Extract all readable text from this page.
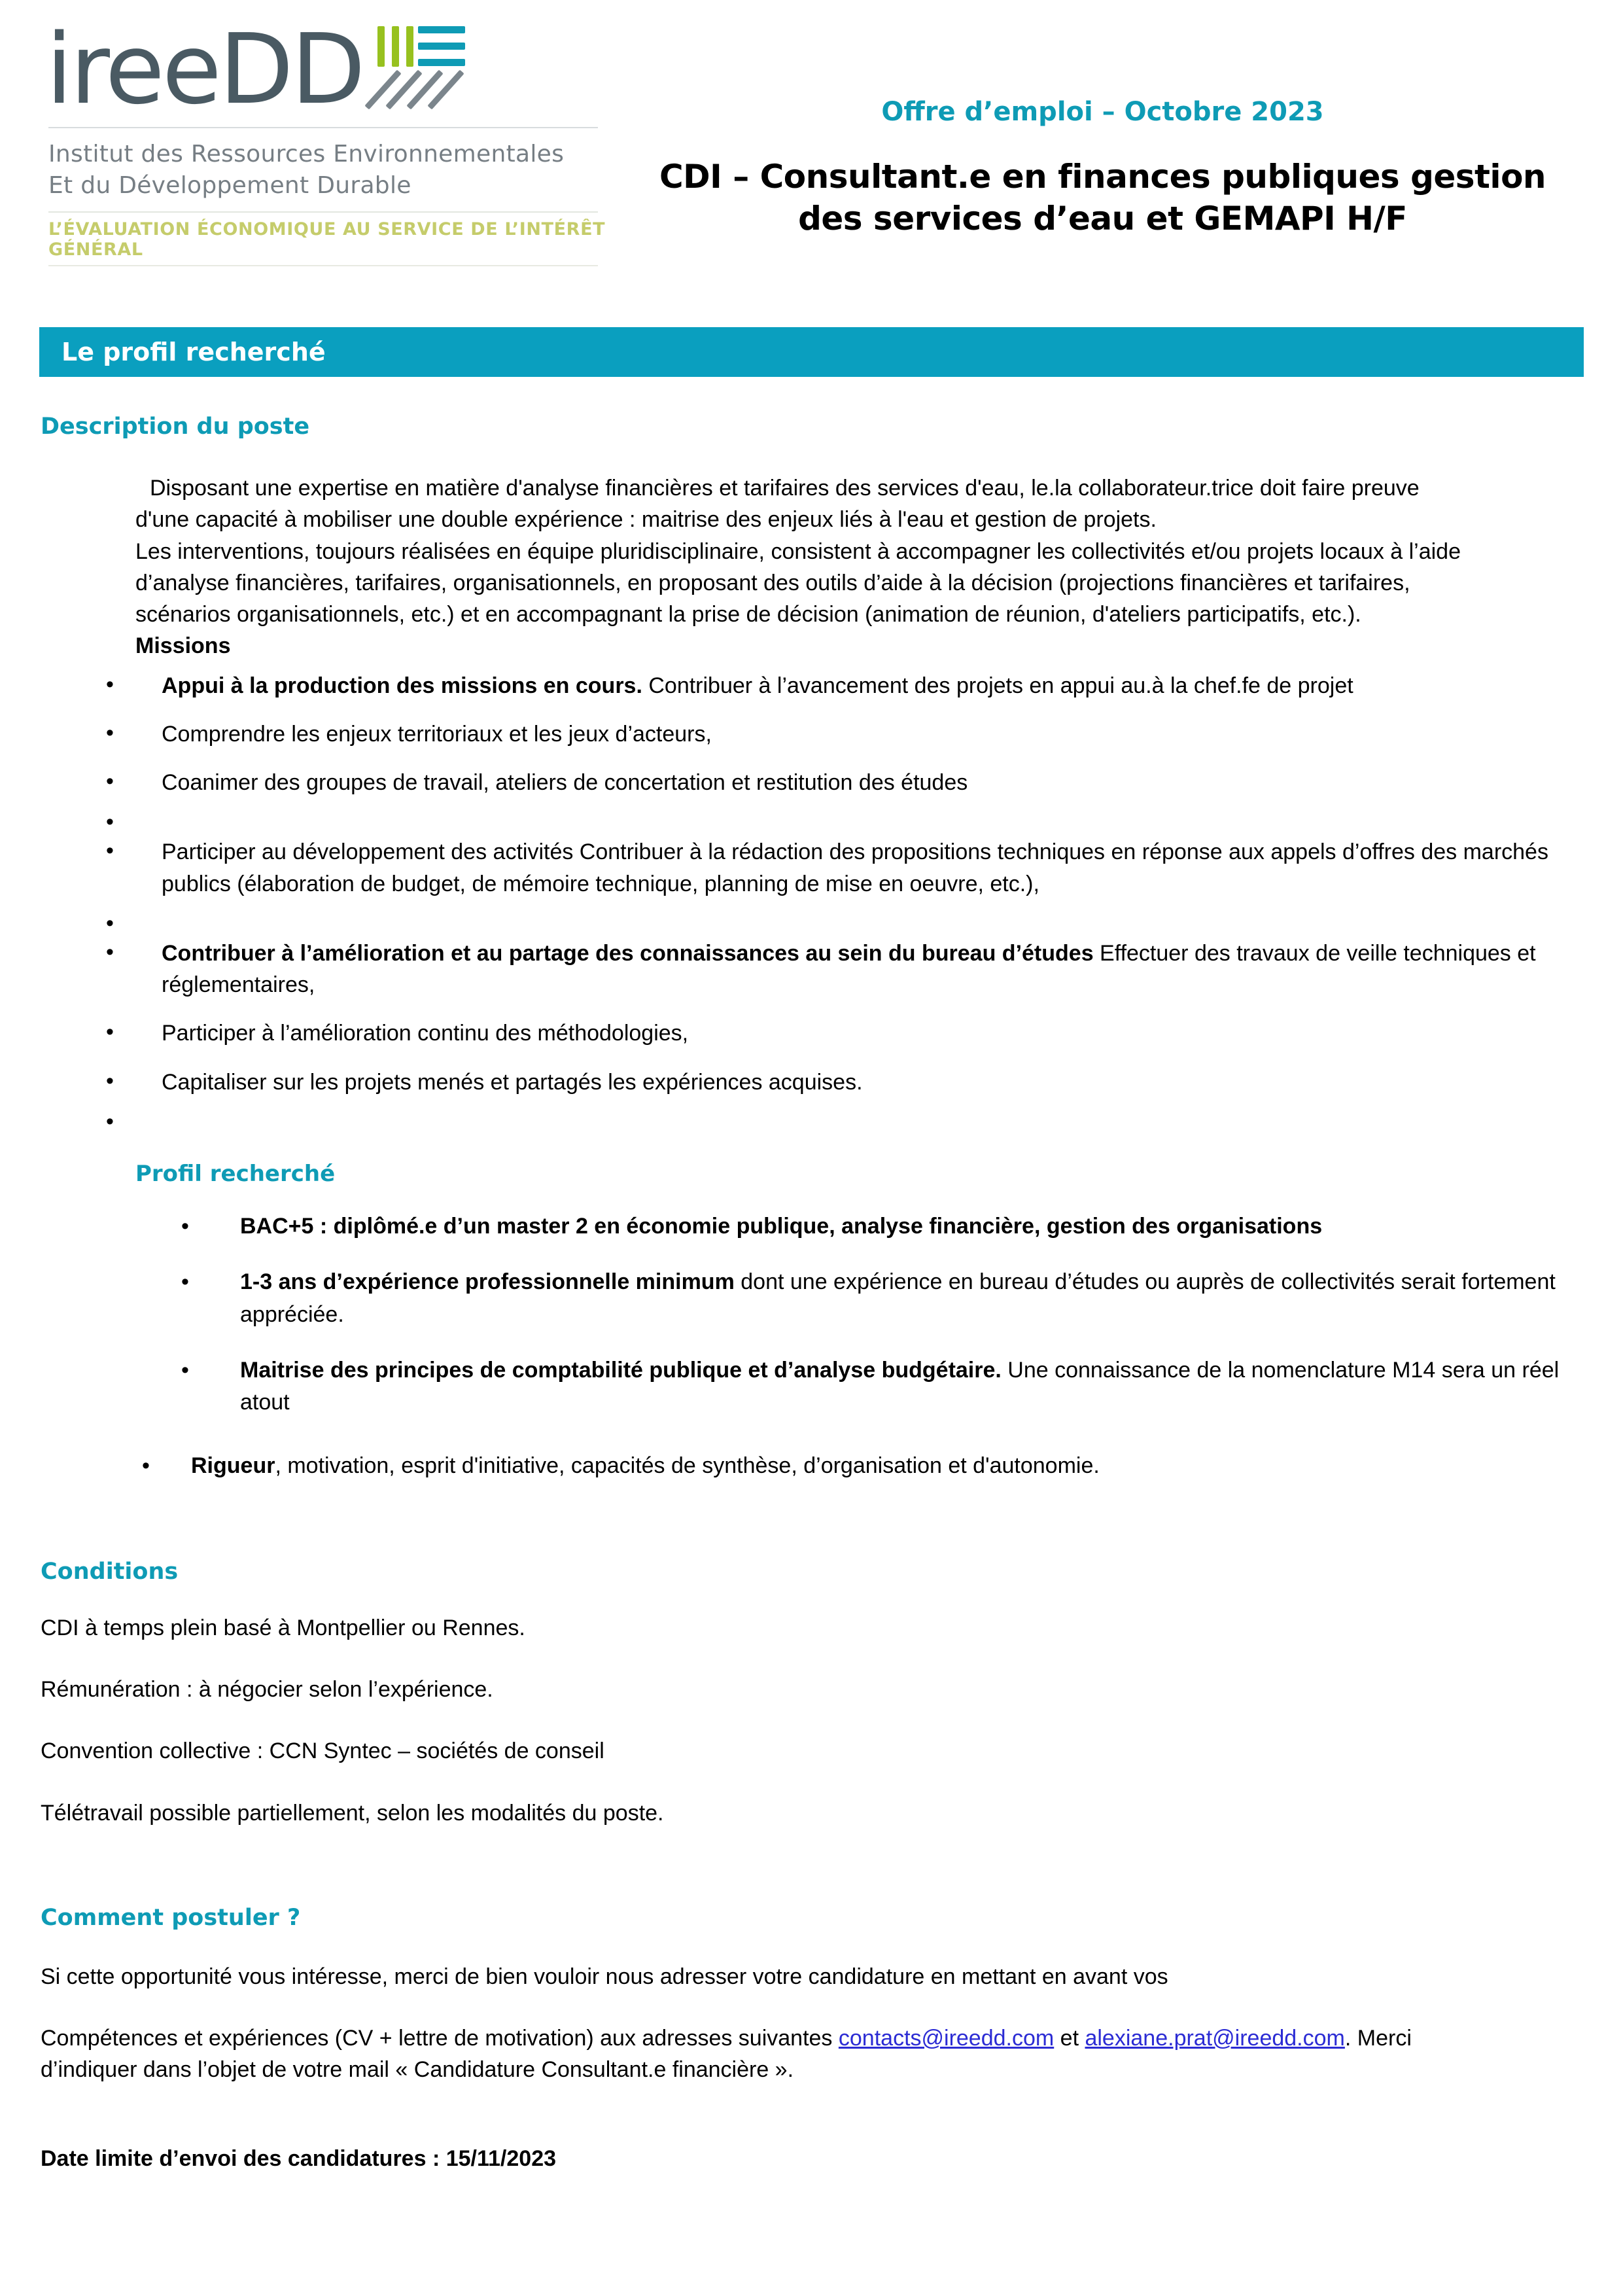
ireeDD
Institut des Ressources Environnementales
Et du Développement Durable
L’ÉVALUATION ÉCONOMIQUE AU SERVICE DE L’INTÉRÊT GÉNÉRAL
Offre d’emploi – Octobre 2023
CDI – Consultant.e en finances publiques gestion
des services d’eau et GEMAPI H/F
Le profil recherché
Description du poste

Disposant une expertise en matière d'analyse financières et tarifaires des services d'eau, le.la collaborateur.trice doit faire preuve d'une capacité à mobiliser une double expérience : maitrise des enjeux liés à l'eau et gestion de projets.

Les interventions, toujours réalisées en équipe pluridisciplinaire, consistent à accompagner les collectivités et/ou projets locaux à l’aide d’analyse financières, tarifaires, organisationnels, en proposant des outils d’aide à la décision (projections financières et tarifaires, scénarios organisationnels, etc.) et en accompagnant la prise de décision (animation de réunion, d'ateliers participatifs, etc.).

Missions

• Appui à la production des missions en cours. Contribuer à l’avancement des projets en appui au.à la chef.fe de projet
• Comprendre les enjeux territoriaux et les jeux d’acteurs,
• Coanimer des groupes de travail, ateliers de concertation et restitution des études
•
• Participer au développement des activités Contribuer à la rédaction des propositions techniques en réponse aux appels d’offres des marchés publics (élaboration de budget, de mémoire technique, planning de mise en oeuvre, etc.),
•
• Contribuer à l’amélioration et au partage des connaissances au sein du bureau d’études Effectuer des travaux de veille techniques et réglementaires,
• Participer à l’amélioration continu des méthodologies,
• Capitaliser sur les projets menés et partagés les expériences acquises.
•
Profil recherché
• BAC+5 : diplômé.e d’un master 2 en économie publique, analyse financière, gestion des organisations
• 1-3 ans d’expérience professionnelle minimum dont une expérience en bureau d’études ou auprès de collectivités serait fortement appréciée.
• Maitrise des principes de comptabilité publique et d’analyse budgétaire. Une connaissance de la nomenclature M14 sera un réel atout
• Rigueur, motivation, esprit d'initiative, capacités de synthèse, d’organisation et d'autonomie.
Conditions
CDI à temps plein basé à Montpellier ou Rennes.
Rémunération : à négocier selon l’expérience.
Convention collective : CCN Syntec – sociétés de conseil
Télétravail possible partiellement, selon les modalités du poste.
Comment postuler ?
Si cette opportunité vous intéresse, merci de bien vouloir nous adresser votre candidature en mettant en avant vos
Compétences et expériences (CV + lettre de motivation) aux adresses suivantes contacts@ireedd.com et alexiane.prat@ireedd.com. Merci d’indiquer dans l’objet de votre mail « Candidature Consultant.e financière ».
Date limite d’envoi des candidatures : 15/11/2023
